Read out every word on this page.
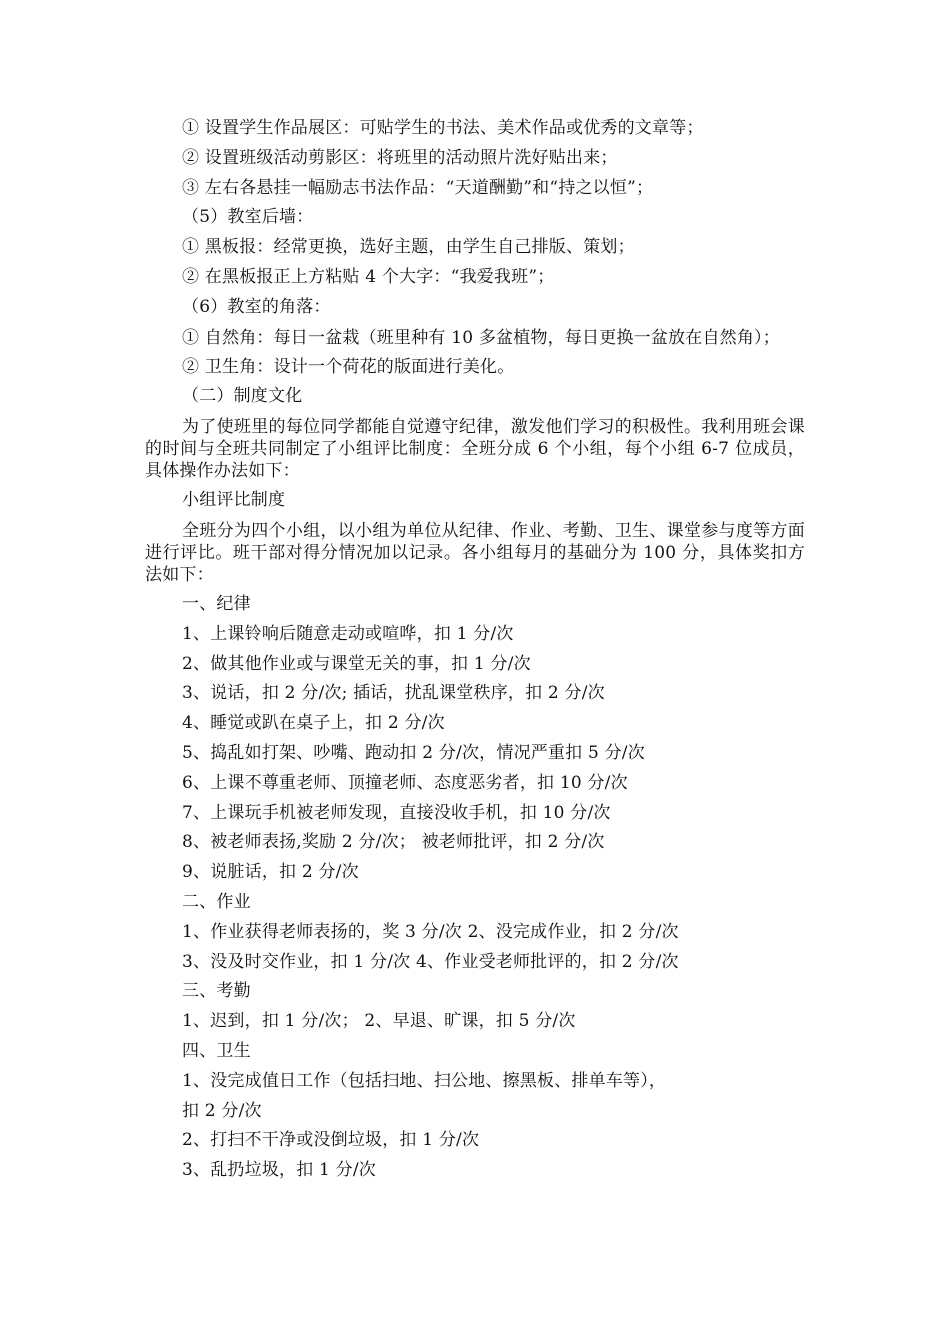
① 设置学生作品展区：可贴学生的书法、美术作品或优秀的文章等；
② 设置班级活动剪影区：将班里的活动照片洗好贴出来；
③ 左右各悬挂一幅励志书法作品：“天道酬勤”和“持之以恒”；
（5）教室后墙：
① 黑板报：经常更换，选好主题，由学生自己排版、策划；
② 在黑板报正上方粘贴 4 个大字：“我爱我班”；
（6）教室的角落：
① 自然角：每日一盆栽（班里种有 10 多盆植物，每日更换一盆放在自然角）；
② 卫生角：设计一个荷花的版面进行美化。
（二）制度文化
为了使班里的每位同学都能自觉遵守纪律，激发他们学习的积极性。我利用班会课的时间与全班共同制定了小组评比制度：全班分成 6 个小组，每个小组 6-7 位成员，具体操作办法如下：
小组评比制度
全班分为四个小组，以小组为单位从纪律、作业、考勤、卫生、课堂参与度等方面进行评比。班干部对得分情况加以记录。各小组每月的基础分为 100 分，具体奖扣方法如下：
一、纪律
1、上课铃响后随意走动或喧哗，扣 1 分/次
2、做其他作业或与课堂无关的事，扣 1 分/次
3、说话，扣 2 分/次; 插话，扰乱课堂秩序，扣 2 分/次
4、睡觉或趴在桌子上，扣 2 分/次
5、捣乱如打架、吵嘴、跑动扣 2 分/次，情况严重扣 5 分/次
6、上课不尊重老师、顶撞老师、态度恶劣者，扣 10 分/次
7、上课玩手机被老师发现，直接没收手机，扣 10 分/次
8、被老师表扬,奖励 2 分/次； 被老师批评，扣 2 分/次
9、说脏话，扣 2 分/次
二、作业
1、作业获得老师表扬的，奖 3 分/次 2、没完成作业，扣 2 分/次
3、没及时交作业，扣 1 分/次 4、作业受老师批评的，扣 2 分/次
三、考勤
1、迟到，扣 1 分/次； 2、早退、旷课，扣 5 分/次
四、卫生
1、没完成值日工作（包括扫地、扫公地、擦黑板、排单车等），
扣 2 分/次
2、打扫不干净或没倒垃圾，扣 1 分/次
3、乱扔垃圾，扣 1 分/次
